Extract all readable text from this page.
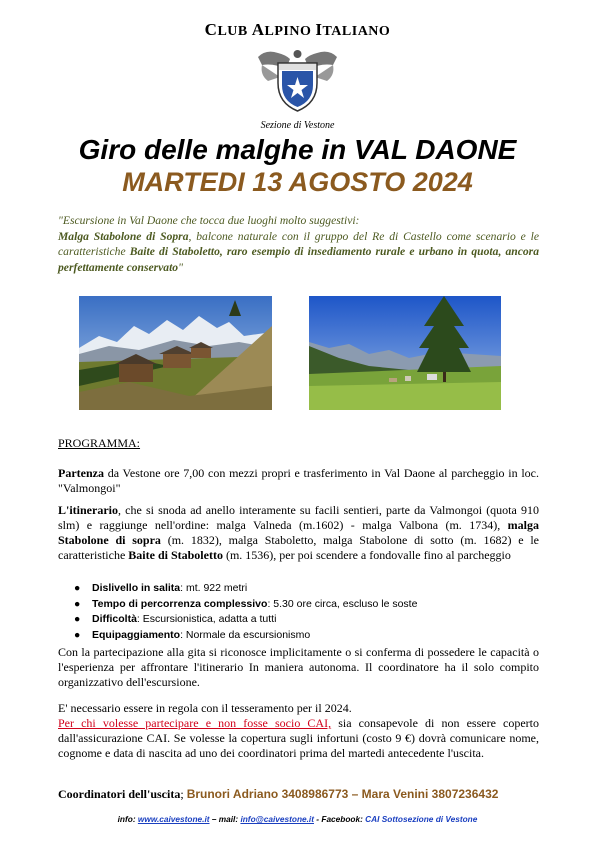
CLUB ALPINO ITALIANO
Sezione di Vestone
Giro delle malghe in VAL DAONE
MARTEDI 13 AGOSTO 2024
"Escursione in Val Daone che tocca due luoghi molto suggestivi:
Malga Stabolone di Sopra, balcone naturale con il gruppo del Re di Castello come scenario e le caratteristiche Baite di Staboletto, raro esempio di insediamento rurale e urbano in quota, ancora perfettamente conservato"
PROGRAMMA:
Partenza da Vestone ore 7,00 con mezzi propri e trasferimento in Val Daone al parcheggio in loc. "Valmongoi"
L'itinerario, che si snoda ad anello interamente su facili sentieri, parte da Valmongoi (quota 910 slm) e raggiunge nell'ordine: malga Valneda (m.1602) - malga Valbona (m. 1734), malga Stabolone di sopra (m. 1832), malga Staboletto, malga Stabolone di sotto (m. 1682) e le caratteristiche Baite di Staboletto (m. 1536), per poi scendere a fondovalle fino al parcheggio
● Dislivello in salita: mt. 922 metri
● Tempo di percorrenza complessivo: 5.30 ore circa, escluso le soste
● Difficoltà: Escursionistica, adatta a tutti
● Equipaggiamento: Normale da escursionismo
Con la partecipazione alla gita si riconosce implicitamente o si conferma di possedere le capacità o l'esperienza per affrontare l'itinerario In maniera autonoma. Il coordinatore ha il solo compito organizzativo dell'escursione.
E' necessario essere in regola con il tesseramento per il 2024.
Per chi volesse partecipare e non fosse socio CAI, sia consapevole di non essere coperto dall'assicurazione CAI. Se volesse la copertura sugli infortuni (costo 9 €) dovrà comunicare nome, cognome e data di nascita ad uno dei coordinatori prima del martedi antecedente l'uscita.
Coordinatori dell'uscita; Brunori Adriano 3408986773 – Mara Venini 3807236432
info: www.caivestone.it – mail: info@caivestone.it - Facebook: CAI Sottosezione di Vestone
